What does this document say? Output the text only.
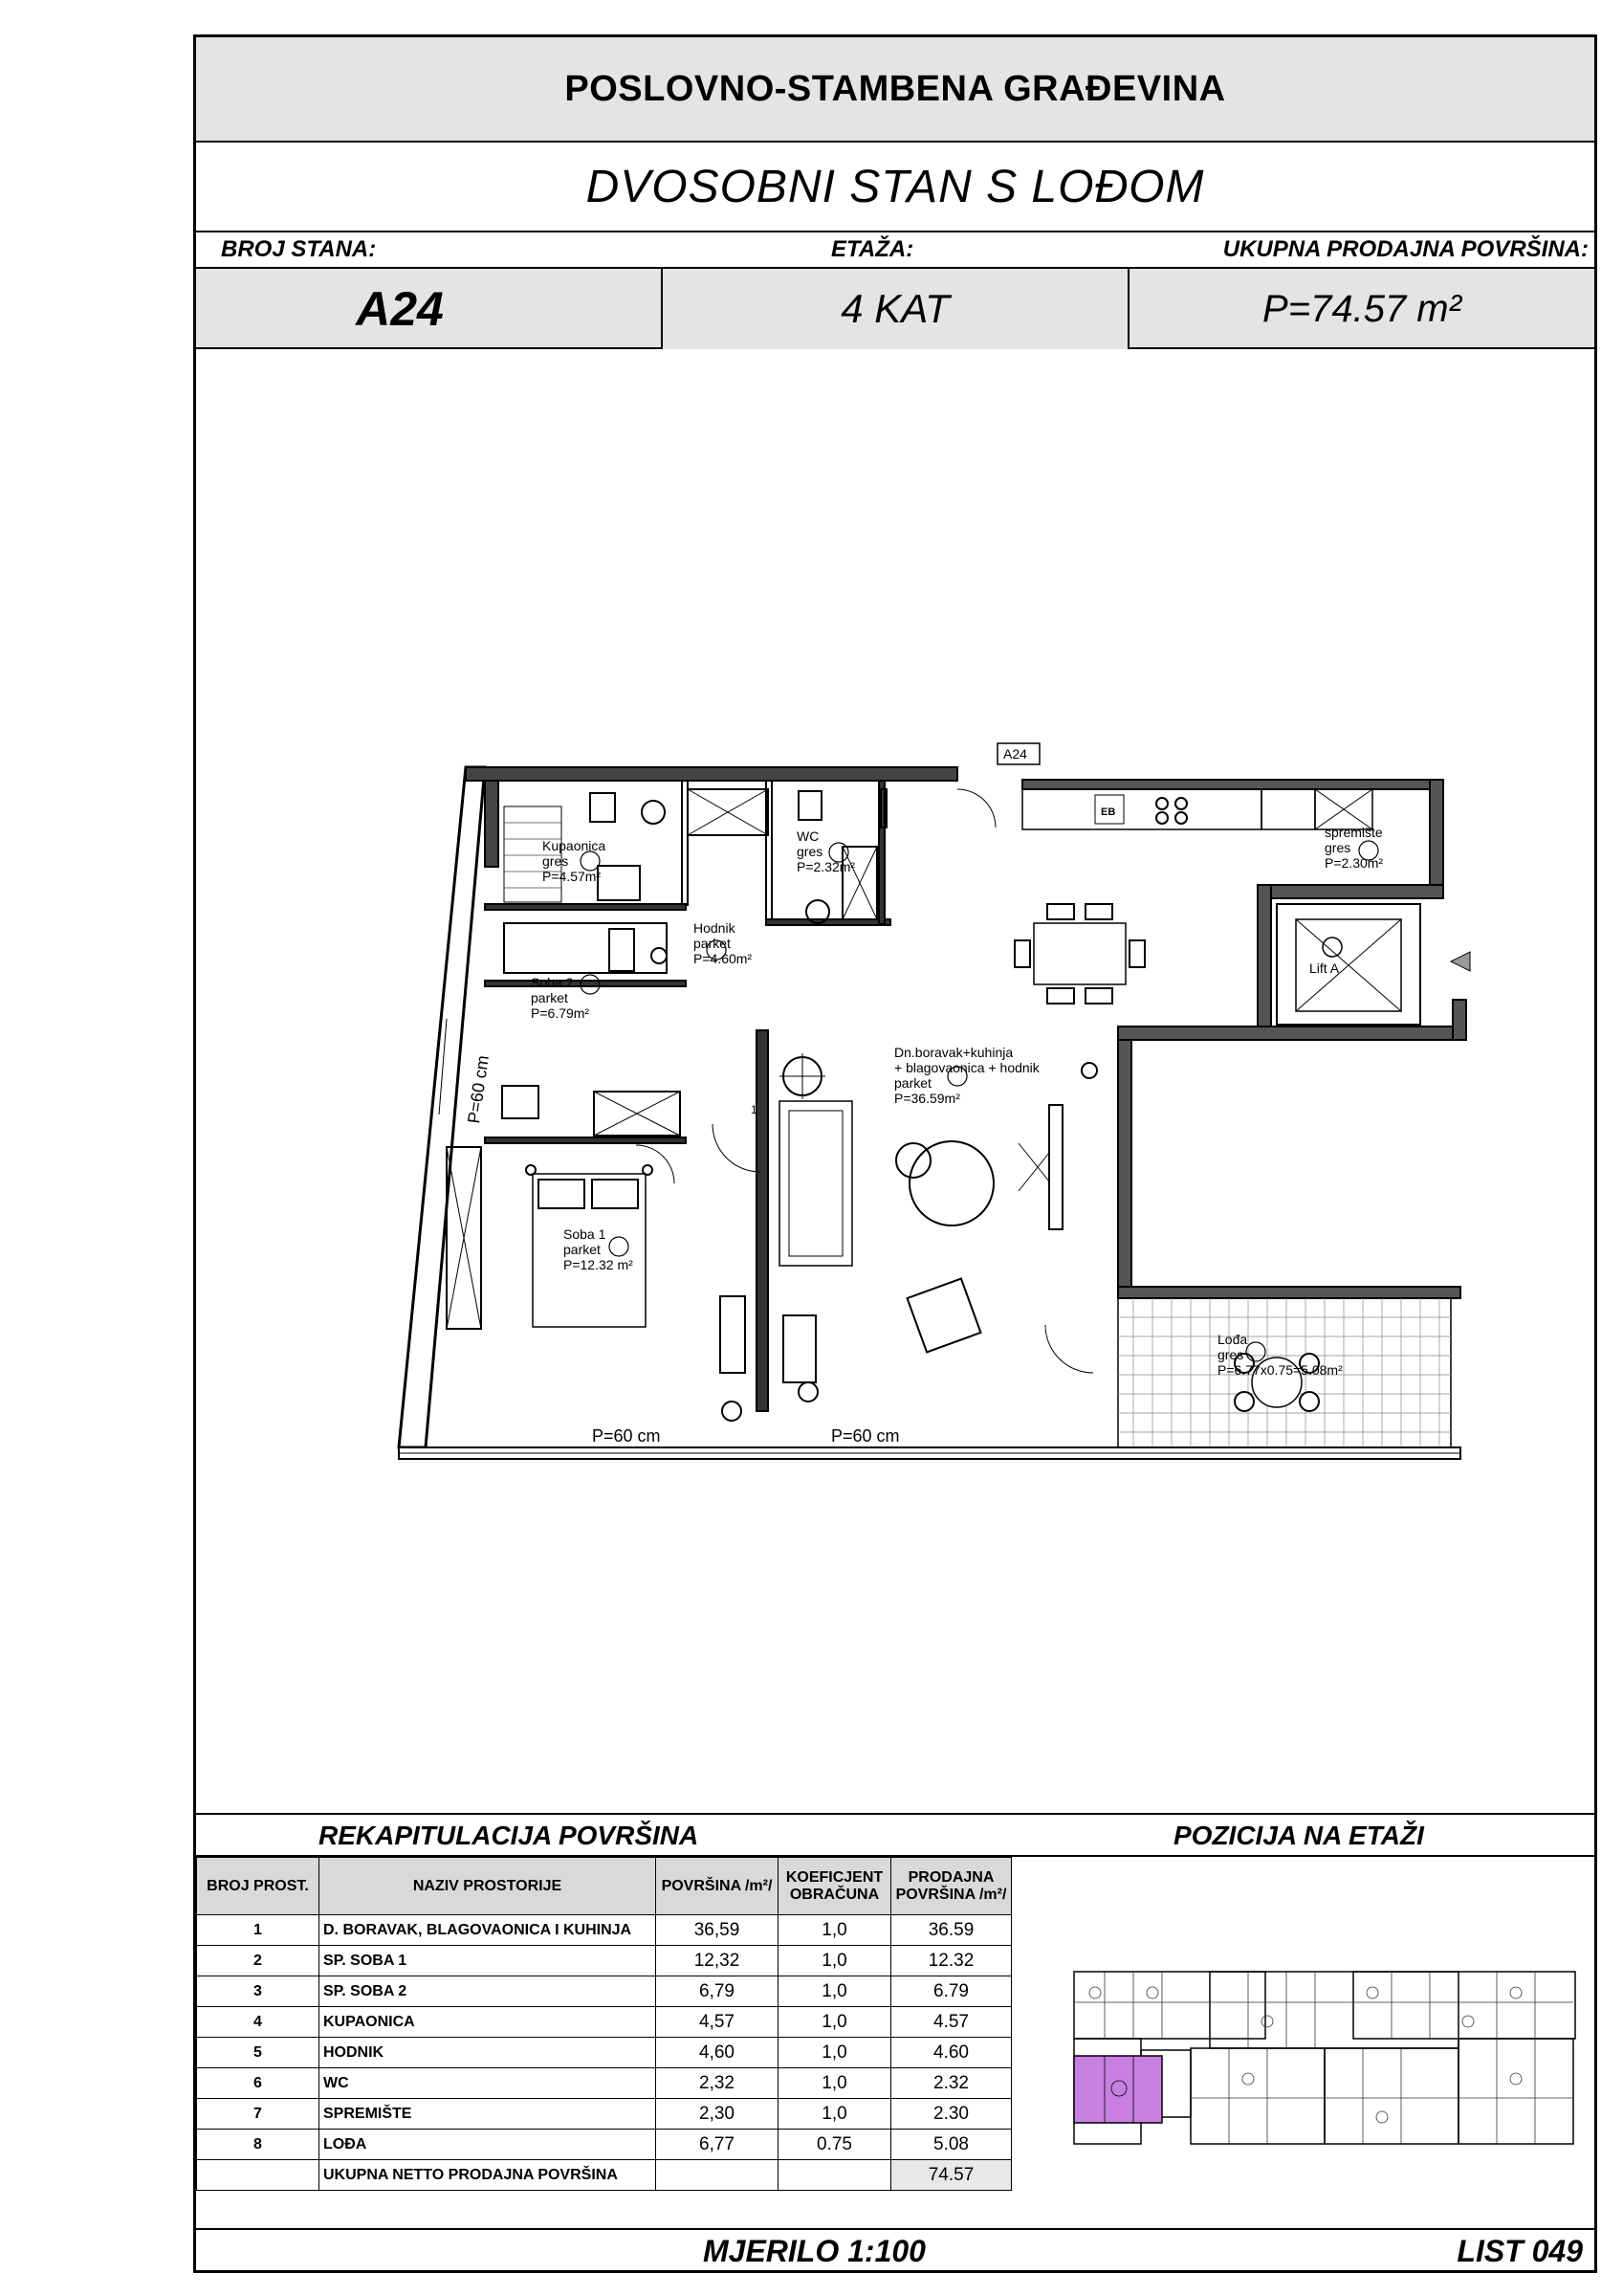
POSLOVNO-STAMBENA GRAĐEVINA
DVOSOBNI STAN S LOĐOM
BROJ STANA:	ETAŽA:	UKUPNA PRODAJNA POVRŠINA:
A24	4 KAT	P=74.57 m²
A24
EB
Lift A
Dn.boravak+kuhinja
+ blagovaonica + hodnik
parket
P=36.59m²
1
Soba 1
parket
P=12.32 m²
Soba 2
parket
P=6.79m²
Kupaonica
gres
P=4.57m²
WC
gres
P=2.32m²
spremište
gres
P=2.30m²
Hodnik
parket
P=4.60m²
Lođa
gres
P=6.77x0.75=5.08m²
P=60 cm	P=60 cm
P=60 cm
REKAPITULACIJA POVRŠINA	POZICIJA NA ETAŽI
BROJ PROST.	NAZIV PROSTORIJE	POVRŠINA /m²/	KOEFICJENT OBRAČUNA	PRODAJNA POVRŠINA /m²/
1	D. BORAVAK, BLAGOVAONICA I KUHINJA	36,59	1,0	36.59
2	SP. SOBA 1	12,32	1,0	12.32
3	SP. SOBA 2	6,79	1,0	6.79
4	KUPAONICA	4,57	1,0	4.57
5	HODNIK	4,60	1,0	4.60
6	WC	2,32	1,0	2.32
7	SPREMIŠTE	2,30	1,0	2.30
8	LOĐA	6,77	0.75	5.08
	UKUPNA NETTO PRODAJNA POVRŠINA			74.57
MJERILO 1:100	LIST 049
